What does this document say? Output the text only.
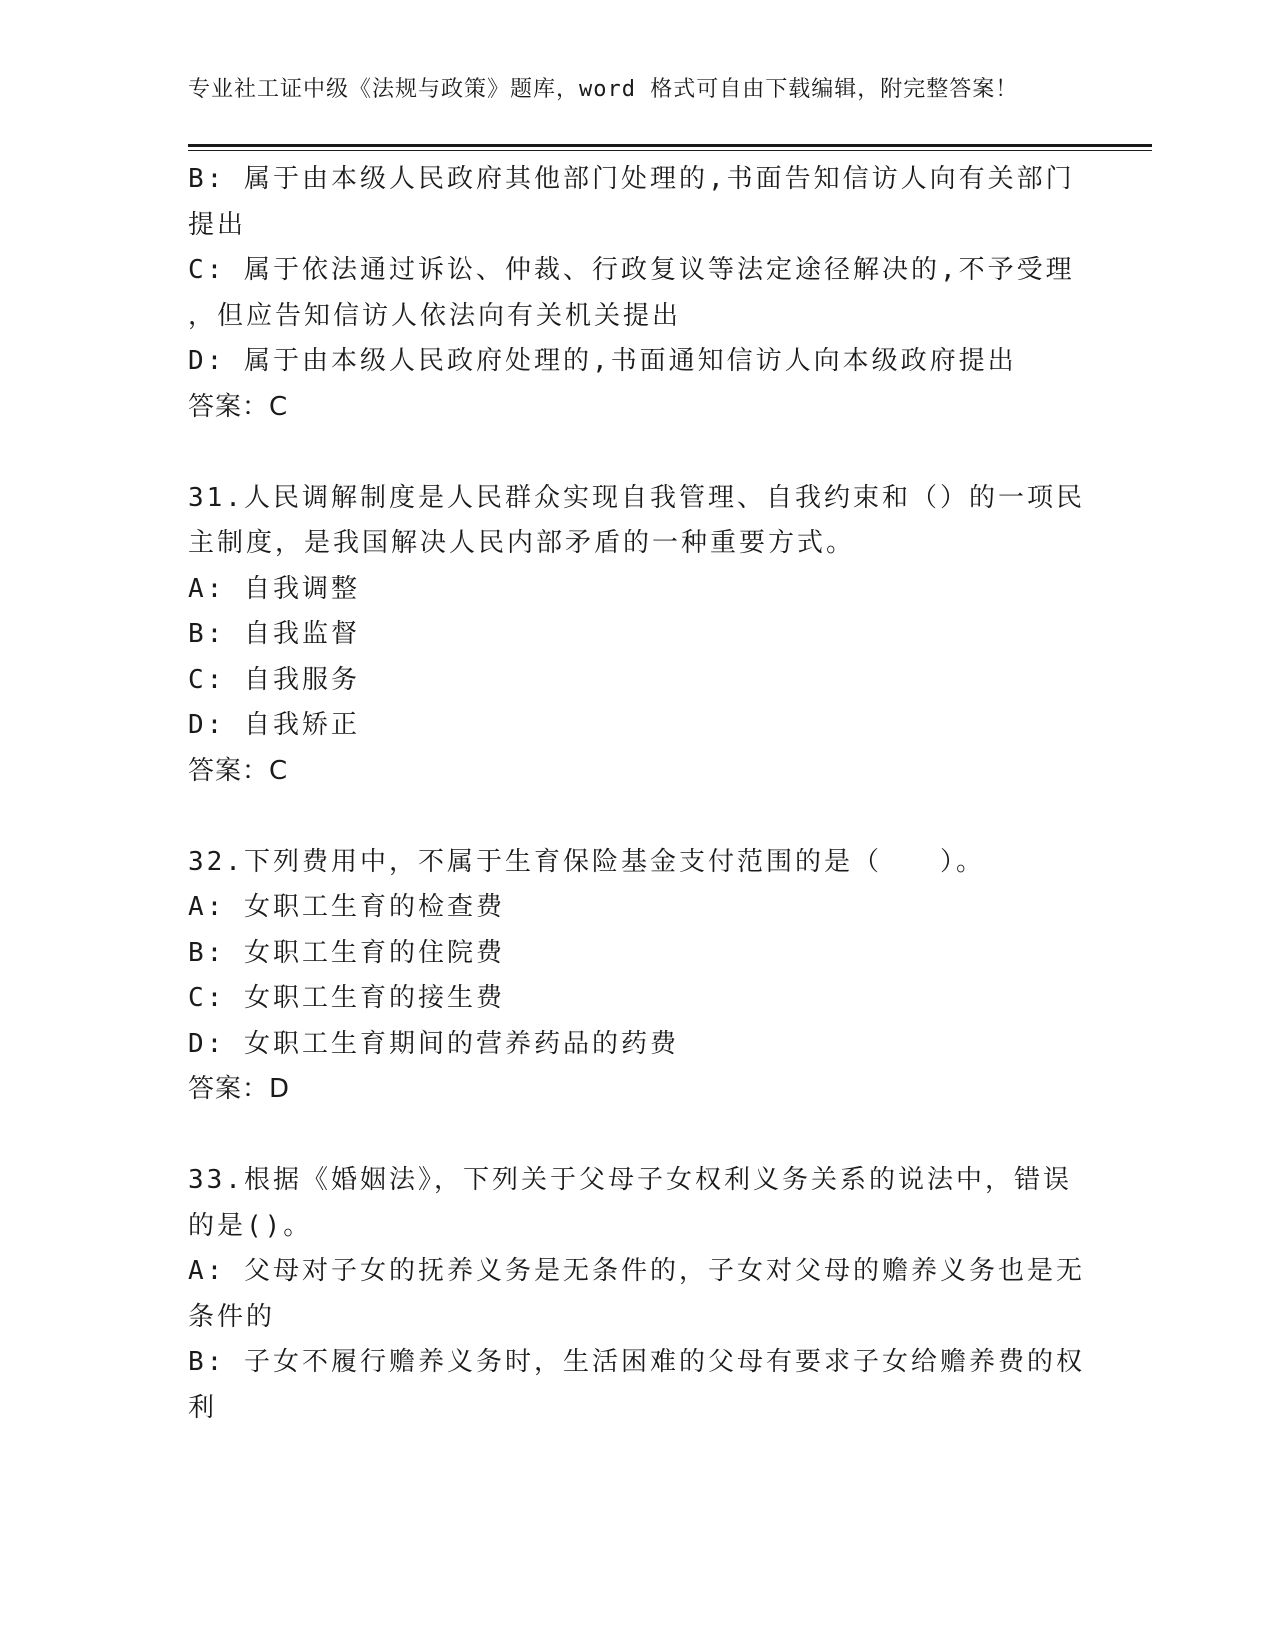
专业社工证中级《法规与政策》题库，word 格式可自由下载编辑，附完整答案！
B: 属于由本级人民政府其他部门处理的,书面告知信访人向有关部门
提出
C: 属于依法通过诉讼、仲裁、行政复议等法定途径解决的,不予受理
，但应告知信访人依法向有关机关提出
D: 属于由本级人民政府处理的,书面通知信访人向本级政府提出
答案：C
31.人民调解制度是人民群众实现自我管理、自我约束和（）的一项民
主制度，是我国解决人民内部矛盾的一种重要方式。
A: 自我调整
B: 自我监督
C: 自我服务
D: 自我矫正
答案：C
32.下列费用中，不属于生育保险基金支付范围的是（　　）。
A: 女职工生育的检查费
B: 女职工生育的住院费
C: 女职工生育的接生费
D: 女职工生育期间的营养药品的药费
答案：D
33.根据《婚姻法》，下列关于父母子女权利义务关系的说法中，错误
的是()。
A: 父母对子女的抚养义务是无条件的，子女对父母的赡养义务也是无
条件的
B: 子女不履行赡养义务时，生活困难的父母有要求子女给赡养费的权
利
